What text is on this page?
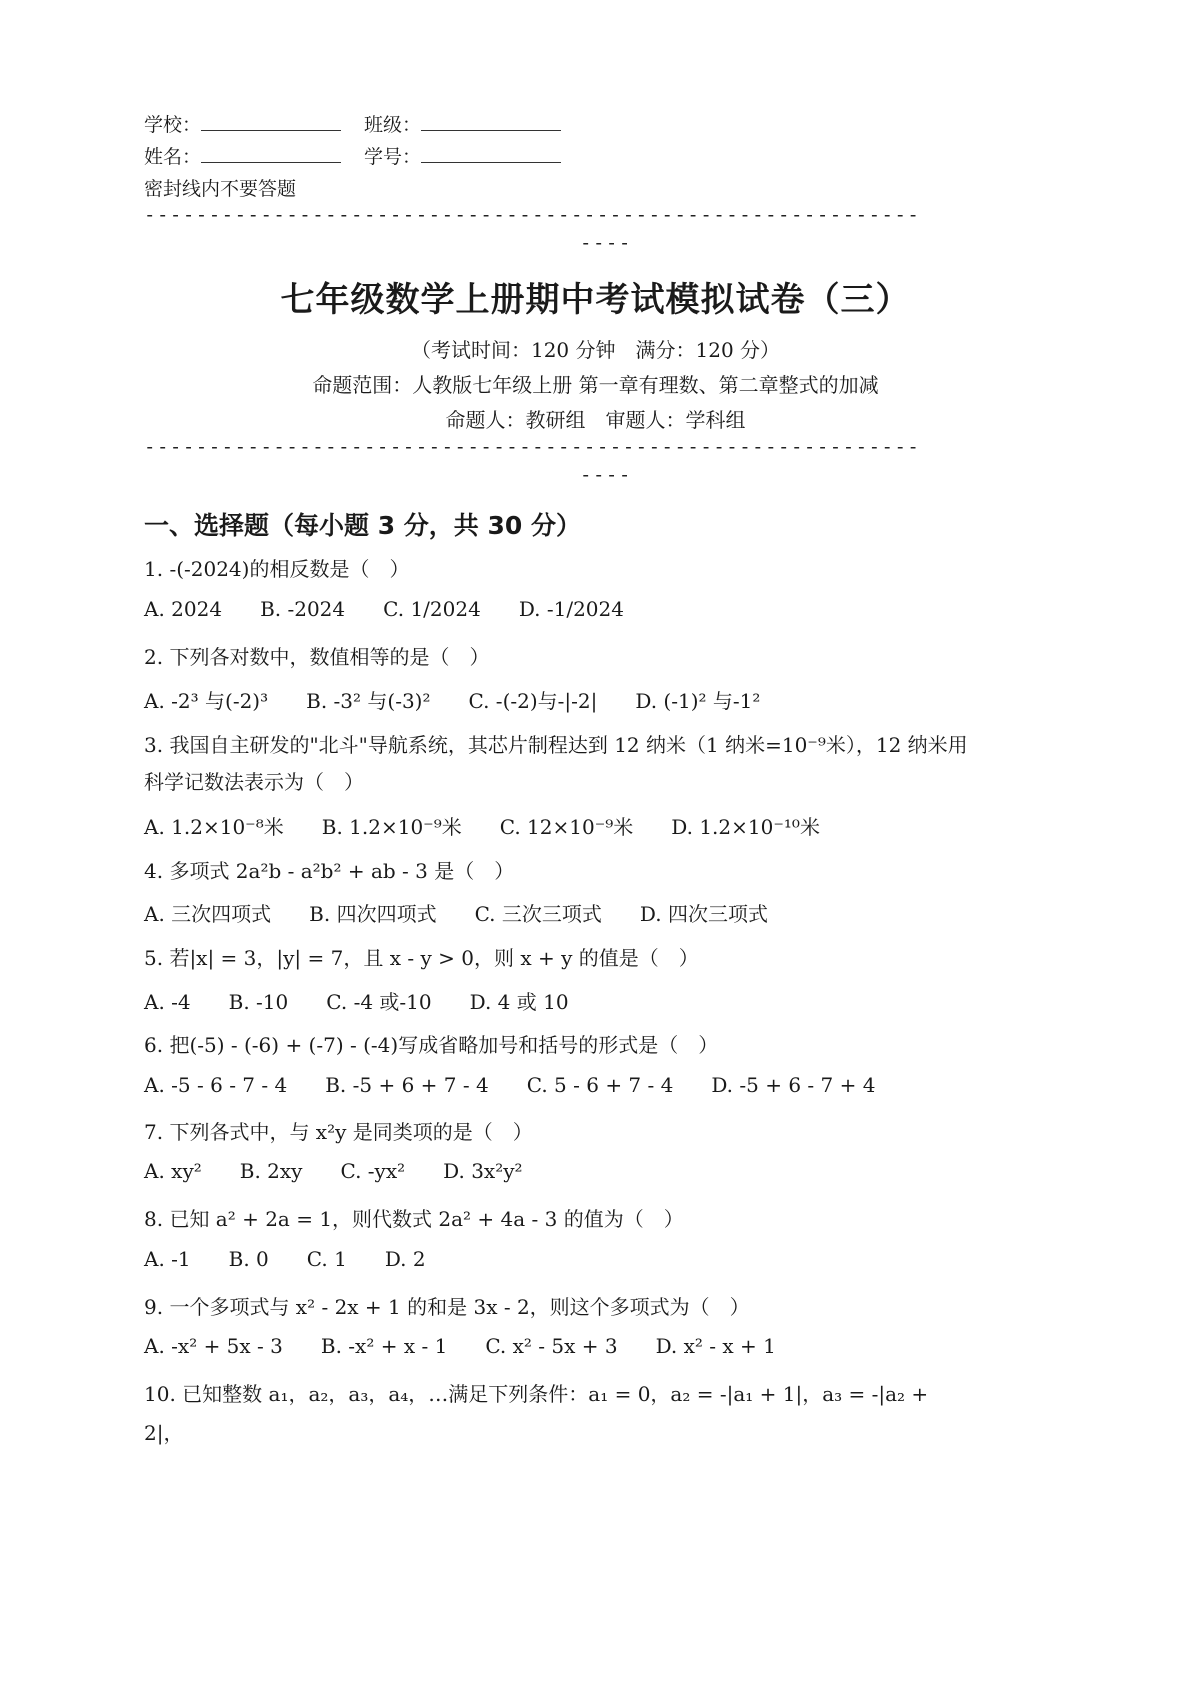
学校：	班级：
姓名：	学号：
密封线内不要答题
------------------------------------------------------------
----
七年级数学上册期中考试模拟试卷（三）
（考试时间：120 分钟　满分：120 分）
命题范围：人教版七年级上册 第一章有理数、第二章整式的加减
命题人：教研组　审题人：学科组
------------------------------------------------------------
----
一、选择题（每小题 3 分，共 30 分）
1. -(-2024)的相反数是（　）
A. 2024 B. -2024 C. 1/2024 D. -1/2024
2. 下列各对数中，数值相等的是（　）
A. -2³ 与(-2)³ B. -3² 与(-3)² C. -(-2)与-|-2| D. (-1)² 与-1²
3. 我国自主研发的"北斗"导航系统，其芯片制程达到 12 纳米（1 纳米=10⁻⁹米），12 纳米用
科学记数法表示为（　）
A. 1.2×10⁻⁸米 B. 1.2×10⁻⁹米 C. 12×10⁻⁹米 D. 1.2×10⁻¹⁰米
4. 多项式 2a²b - a²b² + ab - 3 是（　）
A. 三次四项式 B. 四次四项式 C. 三次三项式 D. 四次三项式
5. 若|x| = 3，|y| = 7，且 x - y > 0，则 x + y 的值是（　）
A. -4 B. -10 C. -4 或-10 D. 4 或 10
6. 把(-5) - (-6) + (-7) - (-4)写成省略加号和括号的形式是（　）
A. -5 - 6 - 7 - 4 B. -5 + 6 + 7 - 4 C. 5 - 6 + 7 - 4 D. -5 + 6 - 7 + 4
7. 下列各式中，与 x²y 是同类项的是（　）
A. xy² B. 2xy C. -yx² D. 3x²y²
8. 已知 a² + 2a = 1，则代数式 2a² + 4a - 3 的值为（　）
A. -1 B. 0 C. 1 D. 2
9. 一个多项式与 x² - 2x + 1 的和是 3x - 2，则这个多项式为（　）
A. -x² + 5x - 3 B. -x² + x - 1 C. x² - 5x + 3 D. x² - x + 1
10. 已知整数 a₁，a₂，a₃，a₄，…满足下列条件：a₁ = 0，a₂ = -|a₁ + 1|，a₃ = -|a₂ +
2|，
